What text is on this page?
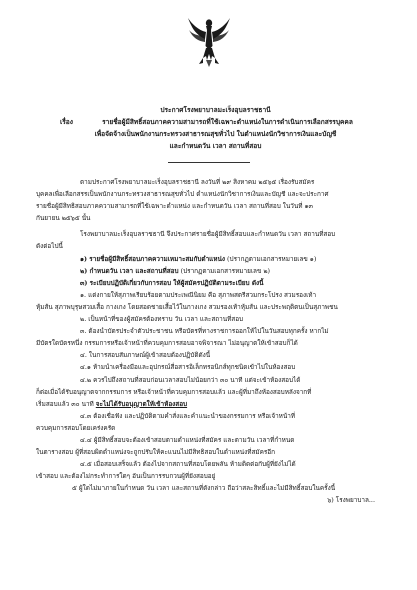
ประกาศโรงพยาบาลมะเร็งอุบลราชธานี
เรื่อง	รายชื่อผู้มีสิทธิ์สอบภาคความสามารถที่ใช้เฉพาะตำแหน่งในการดำเนินการเลือกสรรบุคคล
เพื่อจัดจ้างเป็นพนักงานกระทรวงสาธารณสุขทั่วไป ในตำแหน่งนักวิชาการเงินและบัญชี
และกำหนดวัน เวลา สถานที่สอบ
ตามประกาศโรงพยาบาลมะเร็งอุบลราชธานี ลงวันที่ ๒๙ สิงหาคม ๒๕๖๕ เรื่องรับสมัคร
บุคคลเพื่อเลือกสรรเป็นพนักงานกระทรวงสาธารณสุขทั่วไป ตำแหน่งนักวิชาการเงินและบัญชี และจะประกาศ
รายชื่อผู้มีสิทธิสอบภาคความสามารถที่ใช้เฉพาะตำแหน่ง และกำหนดวัน เวลา สถานที่สอบ ในวันที่ ๑๓
กันยายน ๒๕๖๕ นั้น
โรงพยาบาลมะเร็งอุบลราชธานี จึงประกาศรายชื่อผู้มีสิทธิ์สอบและกำหนดวัน เวลา สถานที่สอบ
ดังต่อไปนี้
๑) รายชื่อผู้มีสิทธิ์สอบภาคความเหมาะสมกับตำแหน่ง (ปรากฏตามเอกสารหมายเลข ๑)
๒) กำหนดวัน เวลา และสถานที่สอบ (ปรากฏตามเอกสารหมายเลข ๒)
๓) ระเบียบปฏิบัติเกี่ยวกับการสอบ ให้ผู้สมัครปฏิบัติตามระเบียบ ดังนี้
๑. แต่งกายให้สุภาพเรียบร้อยตามประเพณีนิยม คือ สุภาพสตรีสวมกระโปรง สวมรองเท้า
หุ้มส้น สุภาพบุรุษสวมเสื้อ กางเกง โดยสอดชายเสื้อไว้ในกางเกง สวมรองเท้าหุ้มส้น และประพฤติตนเป็นสุภาพชน
๒. เป็นหน้าที่ของผู้สมัครต้องทราบ วัน เวลา และสถานที่สอบ
๓. ต้องนำบัตรประจำตัวประชาชน หรือบัตรที่ทางราชการออกให้ไปในวันสอบทุกครั้ง หากไม่
มีบัตรใดบัตรหนึ่ง กรรมการหรือเจ้าหน้าที่ควบคุมการสอบอาจพิจารณา ไม่อนุญาตให้เข้าสอบก็ได้
๔. ในการสอบสัมภาษณ์ผู้เข้าสอบต้องปฏิบัติดังนี้
๔.๑ ห้ามนำเครื่องมือและอุปกรณ์สื่อสารอิเล็กทรอนิกส์ทุกชนิดเข้าไปในห้องสอบ
๔.๒ ควรไปถึงสถานที่สอบก่อนเวลาสอบไม่น้อยกว่า ๓๐ นาที แต่จะเข้าห้องสอบได้
ก็ต่อเมื่อได้รับอนุญาตจากกรรมการ หรือเจ้าหน้าที่ควบคุมการสอบแล้ว และผู้ที่มาถึงห้องสอบหลังจากที่
เริ่มสอบแล้ว ๓๐ นาที จะไม่ได้รับอนุญาตให้เข้าห้องสอบ
๔.๓ ต้องเชื่อฟัง และปฏิบัติตามคำสั่งและคำแนะนำของกรรมการ หรือเจ้าหน้าที่
ควบคุมการสอบโดยเคร่งครัด
๔.๔ ผู้มีสิทธิ์สอบจะต้องเข้าสอบตามตำแหน่งที่สมัคร และตามวัน เวลาที่กำหนด
ในตารางสอบ ผู้ที่สอบผิดตำแหน่งจะถูกปรับให้คะแนนไม่มีสิทธิสอบในตำแหน่งที่สมัครอีก
๔.๕ เมื่อสอบเสร็จแล้ว ต้องไปจากสถานที่สอบโดยพลัน ห้ามติดต่อกับผู้ที่ยังไม่ได้
เข้าสอบ และต้องไม่กระทำการใดๆ อันเป็นการรบกวนผู้ที่ยังสอบอยู่
๕ ผู้ใดไม่มาภายในกำหนด วัน เวลา และสถานที่ดังกล่าว ถือว่าสละสิทธิ์และไม่มีสิทธิ์สอบในครั้งนี้
๖) โรงพยาบาล...
